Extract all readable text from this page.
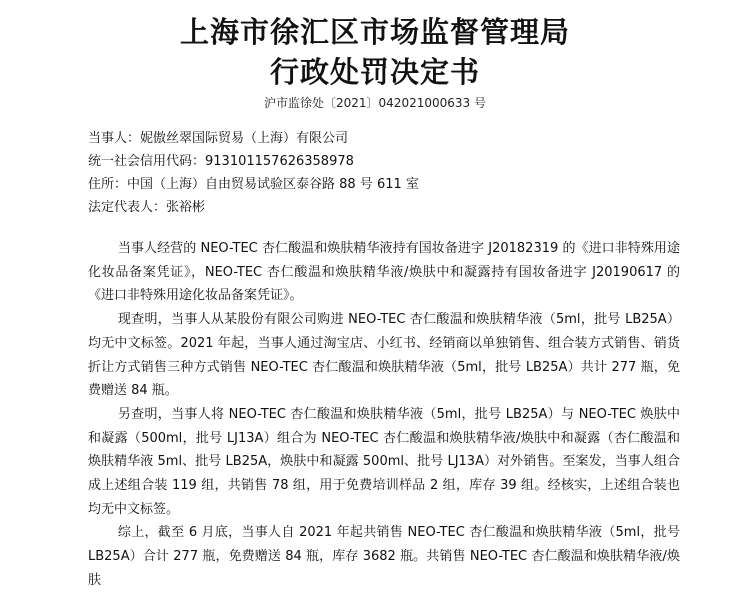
上海市徐汇区市场监督管理局
行政处罚决定书
沪市监徐处〔2021〕042021000633 号
当事人：妮傲丝翠国际贸易（上海）有限公司
统一社会信用代码：91310115762635897​8
住所：中国（上海）自由贸易试验区泰谷路 88 号 611 室
法定代表人：张裕彬

当事人经营的 NEO-TEC 杏仁酸温和焕肤精华液持有国妆备进字 J20182319 的《进口非特殊用途化妆品备案凭证》，NEO-TEC 杏仁酸温和焕肤精华液/焕肤中和凝露持有国妆备进字 J20190617 的《进口非特殊用途化妆品备案凭证》。

现查明，当事人从某股份有限公司购进 NEO-TEC 杏仁酸温和焕肤精华液（5ml，批号 LB25A）均无中文标签。2021 年起，当事人通过淘宝店、小红书、经销商以单独销售、组合装方式销售、销货折让方式销售三种方式销售 NEO-TEC 杏仁酸温和焕肤精华液（5ml，批号 LB25A）共计 277 瓶，免费赠送 84 瓶。

另查明，当事人将 NEO-TEC 杏仁酸温和焕肤精华液（5ml，批号 LB25A）与 NEO-TEC 焕肤中和凝露（500ml，批号 LJ13A）组合为 NEO-TEC 杏仁酸温和焕肤精华液/焕肤中和凝露（杏仁酸温和焕肤精华液 5ml、批号 LB25A，焕肤中和凝露 500ml、批号 LJ13A）对外销售。至案发，当事人组合成上述组合装 119 组，共销售 78 组，用于免费培训样品 2 组，库存 39 组。经核实，上述组合装也均无中文标签。

综上，截至 6 月底，当事人自 2021 年起共销售 NEO-TEC 杏仁酸温和焕肤精华液（5ml，批号 LB25A）合计 277 瓶，免费赠送 84 瓶，库存 3682 瓶。共销售 NEO-TEC 杏仁酸温和焕肤精华液/焕肤
